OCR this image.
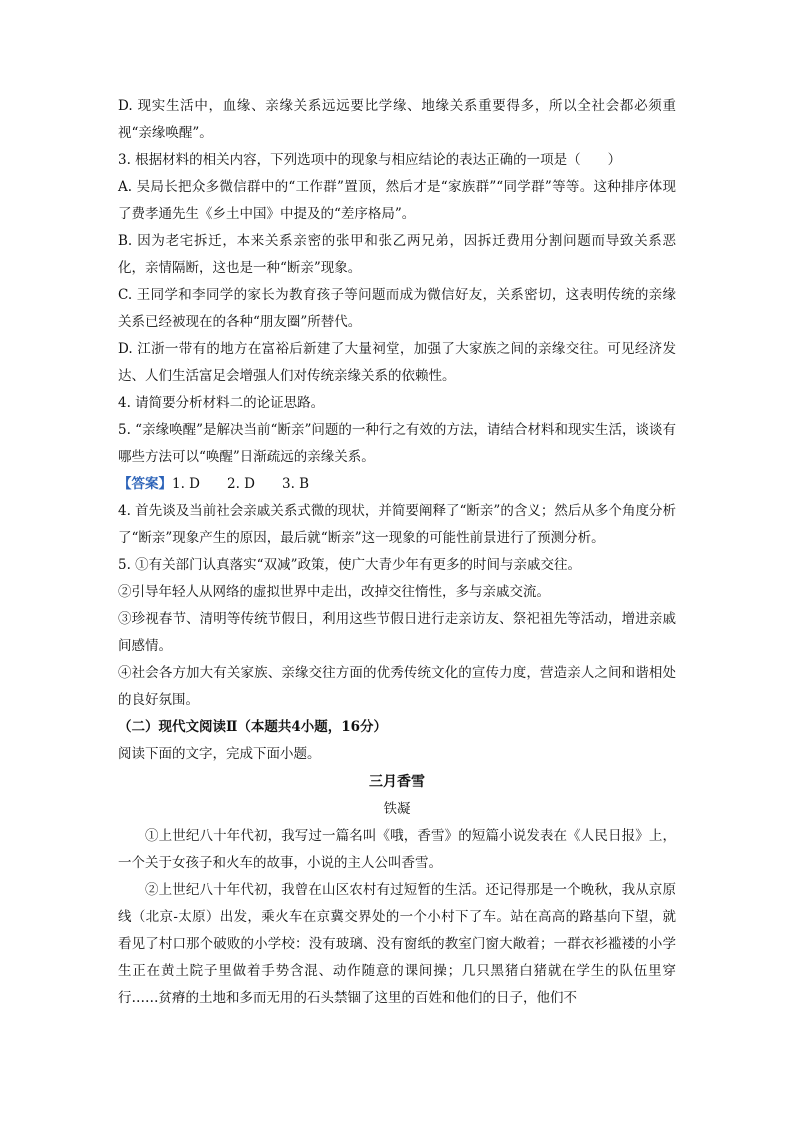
D. 现实生活中，血缘、亲缘关系远远要比学缘、地缘关系重要得多，所以全社会都必须重视“亲缘唤醒”。

3. 根据材料的相关内容，下列选项中的现象与相应结论的表达正确的一项是（　　）

A. 吴局长把众多微信群中的“工作群”置顶，然后才是“家族群”“同学群”等等。这种排序体现了费孝通先生《乡土中国》中提及的“差序格局”。

B. 因为老宅拆迁，本来关系亲密的张甲和张乙两兄弟，因拆迁费用分割问题而导致关系恶化，亲情隔断，这也是一种“断亲”现象。

C. 王同学和李同学的家长为教育孩子等问题而成为微信好友，关系密切，这表明传统的亲缘关系已经被现在的各种“朋友圈”所替代。

D. 江浙一带有的地方在富裕后新建了大量祠堂，加强了大家族之间的亲缘交往。可见经济发达、人们生活富足会增强人们对传统亲缘关系的依赖性。

4. 请简要分析材料二的论证思路。

5. “亲缘唤醒”是解决当前“断亲”问题的一种行之有效的方法，请结合材料和现实生活，谈谈有哪些方法可以“唤醒”日渐疏远的亲缘关系。

【答案】1. D　　 2. D　　 3. B

4. 首先谈及当前社会亲戚关系式微的现状，并简要阐释了“断亲”的含义；然后从多个角度分析了“断亲”现象产生的原因，最后就“断亲”这一现象的可能性前景进行了预测分析。

5. ①有关部门认真落实“双减”政策，使广大青少年有更多的时间与亲戚交往。

②引导年轻人从网络的虚拟世界中走出，改掉交往惰性，多与亲戚交流。

③珍视春节、清明等传统节假日，利用这些节假日进行走亲访友、祭祀祖先等活动，增进亲戚间感情。

④社会各方加大有关家族、亲缘交往方面的优秀传统文化的宣传力度，营造亲人之间和谐相处的良好氛围。

（二）现代文阅读Ⅱ（本题共4小题，16分）

阅读下面的文字，完成下面小题。

三月香雪

铁凝

①上世纪八十年代初，我写过一篇名叫《哦，香雪》的短篇小说发表在《人民日报》上，一个关于女孩子和火车的故事，小说的主人公叫香雪。

②上世纪八十年代初，我曾在山区农村有过短暂的生活。还记得那是一个晚秋，我从京原线（北京-太原）出发，乘火车在京冀交界处的一个小村下了车。站在高高的路基向下望，就看见了村口那个破败的小学校：没有玻璃、没有窗纸的教室门窗大敞着；一群衣衫褴褛的小学生正在黄土院子里做着手势含混、动作随意的课间操；几只黑猪白猪就在学生的队伍里穿行……贫瘠的土地和多而无用的石头禁锢了这里的百姓和他们的日子，他们不
